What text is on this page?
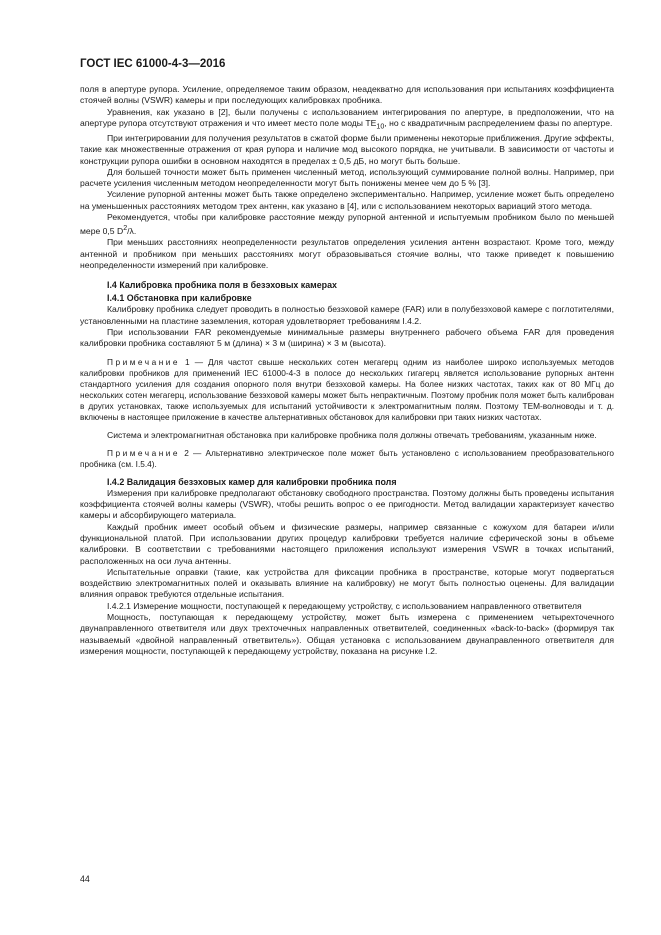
ГОСТ IEC 61000-4-3—2016

поля в апертуре рупора. Усиление, определяемое таким образом, неадекватно для использования при испытаниях коэффициента стоячей волны (VSWR) камеры и при последующих калибровках пробника.

Уравнения, как указано в [2], были получены с использованием интегрирования по апертуре, в предположении, что на апертуре рупора отсутствуют отражения и что имеет место поле моды $TE_{10}$, но с квадратичным распределением фазы по апертуре.

При интегрировании для получения результатов в сжатой форме были применены некоторые приближения. Другие эффекты, такие как множественные отражения от края рупора и наличие мод высокого порядка, не учитывали. В зависимости от частоты и конструкции рупора ошибки в основном находятся в пределах ± 0,5 дБ, но могут быть больше.

Для большей точности может быть применен численный метод, использующий суммирование полной волны. Например, при расчете усиления численным методом неопределенности могут быть понижены менее чем до 5 % [3].

Усиление рупорной антенны может быть также определено экспериментально. Например, усиление может быть определено на уменьшенных расстояниях методом трех антенн, как указано в [4], или с использованием некоторых вариаций этого метода.

Рекомендуется, чтобы при калибровке расстояние между рупорной антенной и испытуемым пробником было по меньшей мере 0,5 $D^2/\lambda$.

При меньших расстояниях неопределенности результатов определения усиления антенн возрастают. Кроме того, между антенной и пробником при меньших расстояниях могут образовываться стоячие волны, что также приведет к повышению неопределенности измерений при калибровке.

I.4 Калибровка пробника поля в безэховых камерах
I.4.1 Обстановка при калибровке

Калибровку пробника следует проводить в полностью безэховой камере (FAR) или в полубезэховой камере с поглотителями, установленными на пластине заземления, которая удовлетворяет требованиям I.4.2.

При использовании FAR рекомендуемые минимальные размеры внутреннего рабочего объема FAR для проведения калибровки пробника составляют 5 м (длина) × 3 м (ширина) × 3 м (высота).

Примечание 1 — Для частот свыше нескольких сотен мегагерц одним из наиболее широко используемых методов калибровки пробников для применений IEC 61000-4-3 в полосе до нескольких гигагерц является использование рупорных антенн стандартного усиления для создания опорного поля внутри безэховой камеры. На более низких частотах, таких как от 80 МГц до нескольких сотен мегагерц, использование безэховой камеры может быть непрактичным. Поэтому пробник поля может быть калиброван в других установках, также используемых для испытаний устойчивости к электромагнитным полям. Поэтому ТЕМ-волноводы и т. д. включены в настоящее приложение в качестве альтернативных обстановок для калибровки при таких низких частотах.

Система и электромагнитная обстановка при калибровке пробника поля должны отвечать требованиям, указанным ниже.

Примечание 2 — Альтернативно электрическое поле может быть установлено с использованием преобразовательного пробника (см. I.5.4).

I.4.2 Валидация безэховых камер для калибровки пробника поля

Измерения при калибровке предполагают обстановку свободного пространства. Поэтому должны быть проведены испытания коэффициента стоячей волны камеры (VSWR), чтобы решить вопрос о ее пригодности. Метод валидации характеризует качество камеры и абсорбирующего материала.

Каждый пробник имеет особый объем и физические размеры, например связанные с кожухом для батареи и/или функциональной платой. При использовании других процедур калибровки требуется наличие сферической зоны в объеме калибровки. В соответствии с требованиями настоящего приложения используют измерения VSWR в точках испытаний, расположенных на оси луча антенны.

Испытательные оправки (такие, как устройства для фиксации пробника в пространстве, которые могут подвергаться воздействию электромагнитных полей и оказывать влияние на калибровку) не могут быть полностью оценены. Для валидации влияния оправок требуются отдельные испытания.

I.4.2.1 Измерение мощности, поступающей к передающему устройству, с использованием направленного ответвителя

Мощность, поступающая к передающему устройству, может быть измерена с применением четырехточечного двунаправленного ответвителя или двух трехточечных направленных ответвителей, соединенных «back-to-back» (формируя так называемый «двойной направленный ответвитель»). Общая установка с использованием двунаправленного ответвителя для измерения мощности, поступающей к передающему устройству, показана на рисунке I.2.

44
